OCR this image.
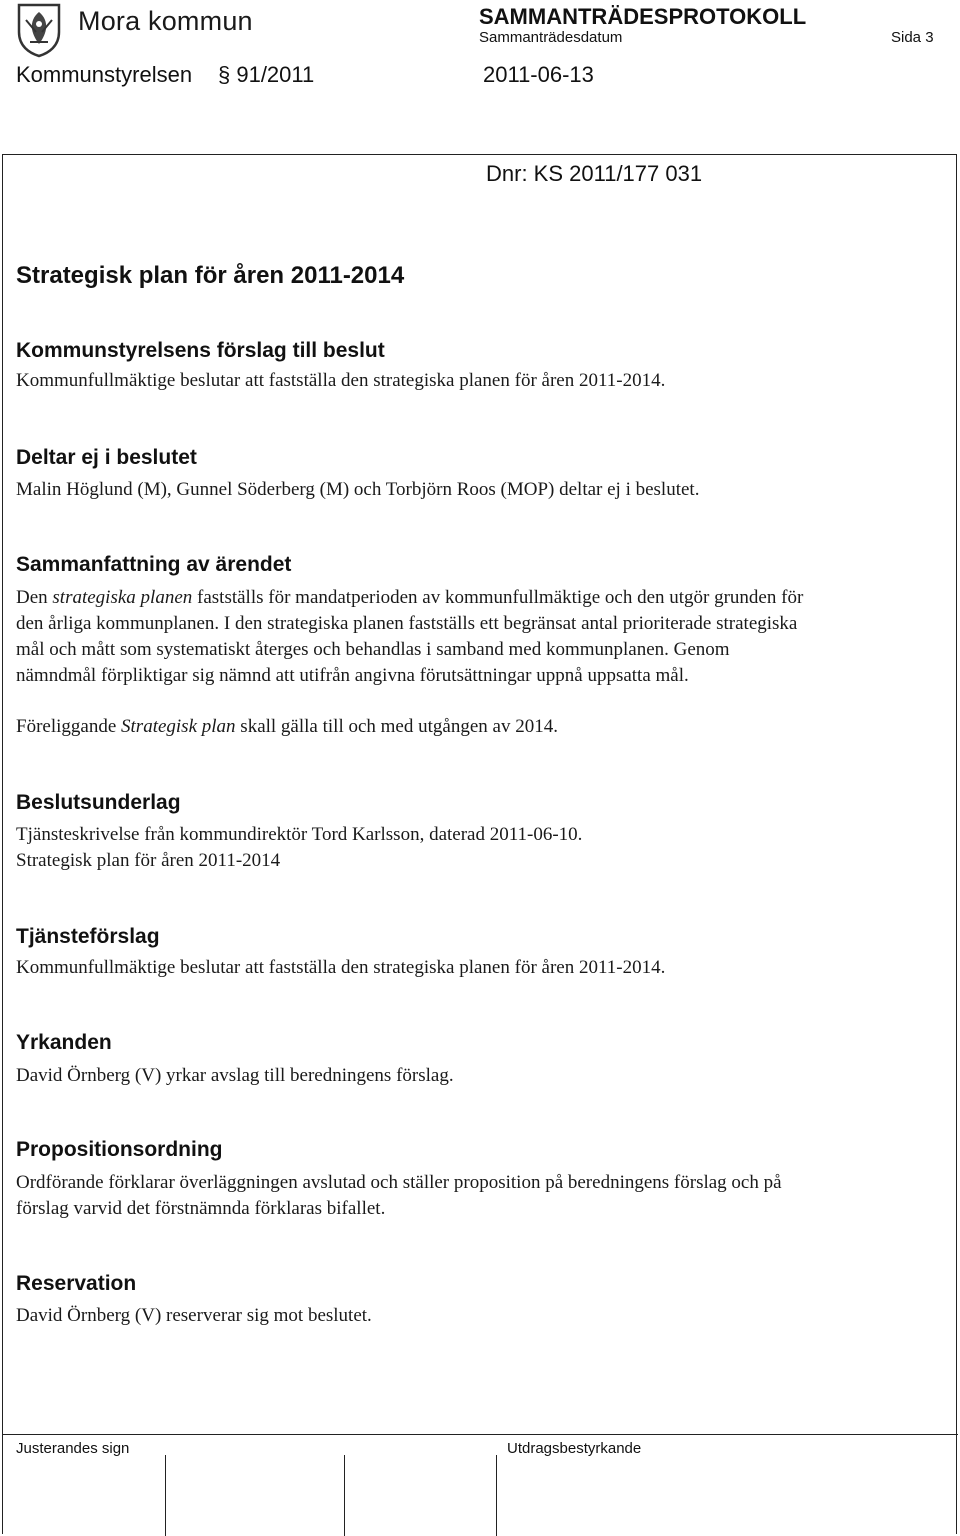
Mora kommun	SAMMANTRÄDESPROTOKOLL
Sammanträdesdatum	Sida 3
Kommunstyrelsen § 91/2011	2011-06-13
Dnr: KS 2011/177 031
Strategisk plan för åren 2011-2014
Kommunstyrelsens förslag till beslut
Kommunfullmäktige beslutar att fastställa den strategiska planen för åren 2011-2014.
Deltar ej i beslutet
Malin Höglund (M), Gunnel Söderberg (M) och Torbjörn Roos (MOP) deltar ej i beslutet.
Sammanfattning av ärendet
Den strategiska planen fastställs för mandatperioden av kommunfullmäktige och den utgör grunden för
den årliga kommunplanen. I den strategiska planen fastställs ett begränsat antal prioriterade strategiska
mål och mått som systematiskt återges och behandlas i samband med kommunplanen. Genom
nämndmål förpliktigar sig nämnd att utifrån angivna förutsättningar uppnå uppsatta mål.
Föreliggande Strategisk plan skall gälla till och med utgången av 2014.
Beslutsunderlag
Tjänsteskrivelse från kommundirektör Tord Karlsson, daterad 2011-06-10.
Strategisk plan för åren 2011-2014
Tjänsteförslag
Kommunfullmäktige beslutar att fastställa den strategiska planen för åren 2011-2014.
Yrkanden
David Örnberg (V) yrkar avslag till beredningens förslag.
Propositionsordning
Ordförande förklarar överläggningen avslutad och ställer proposition på beredningens förslag och på
förslag varvid det förstnämnda förklaras bifallet.
Reservation
David Örnberg (V) reserverar sig mot beslutet.
Justerandes sign	Utdragsbestyrkande
